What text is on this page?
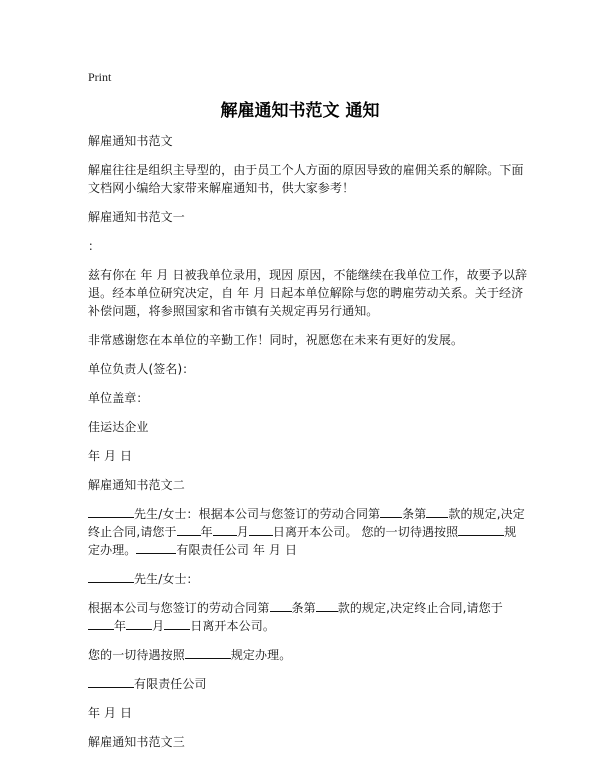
Print
解雇通知书范文 通知

解雇通知书范文

解雇往往是组织主导型的，由于员工个人方面的原因导致的雇佣关系的解除。下面文档网小编给大家带来解雇通知书，供大家参考！

解雇通知书范文一

：

兹有你在 年 月 日被我单位录用，现因 原因，不能继续在我单位工作，故要予以辞退。经本单位研究决定，自 年 月 日起本单位解除与您的聘雇劳动关系。关于经济补偿问题，将参照国家和省市镇有关规定再另行通知。

非常感谢您在本单位的辛勤工作！同时，祝愿您在未来有更好的发展。

单位负责人(签名)：

单位盖章：

佳运达企业

年 月 日

解雇通知书范文二

先生/女士：根据本公司与您签订的劳动合同第 条第 款的规定,决定终止合同,请您于 年 月 日离开本公司。 您的一切待遇按照	规定办理。	有限责任公司 年 月 日

先生/女士：

根据本公司与您签订的劳动合同第 条第 款的规定,决定终止合同,请您于年 月 日离开本公司。

您的一切待遇按照	规定办理。

有限责任公司

年 月 日

解雇通知书范文三
